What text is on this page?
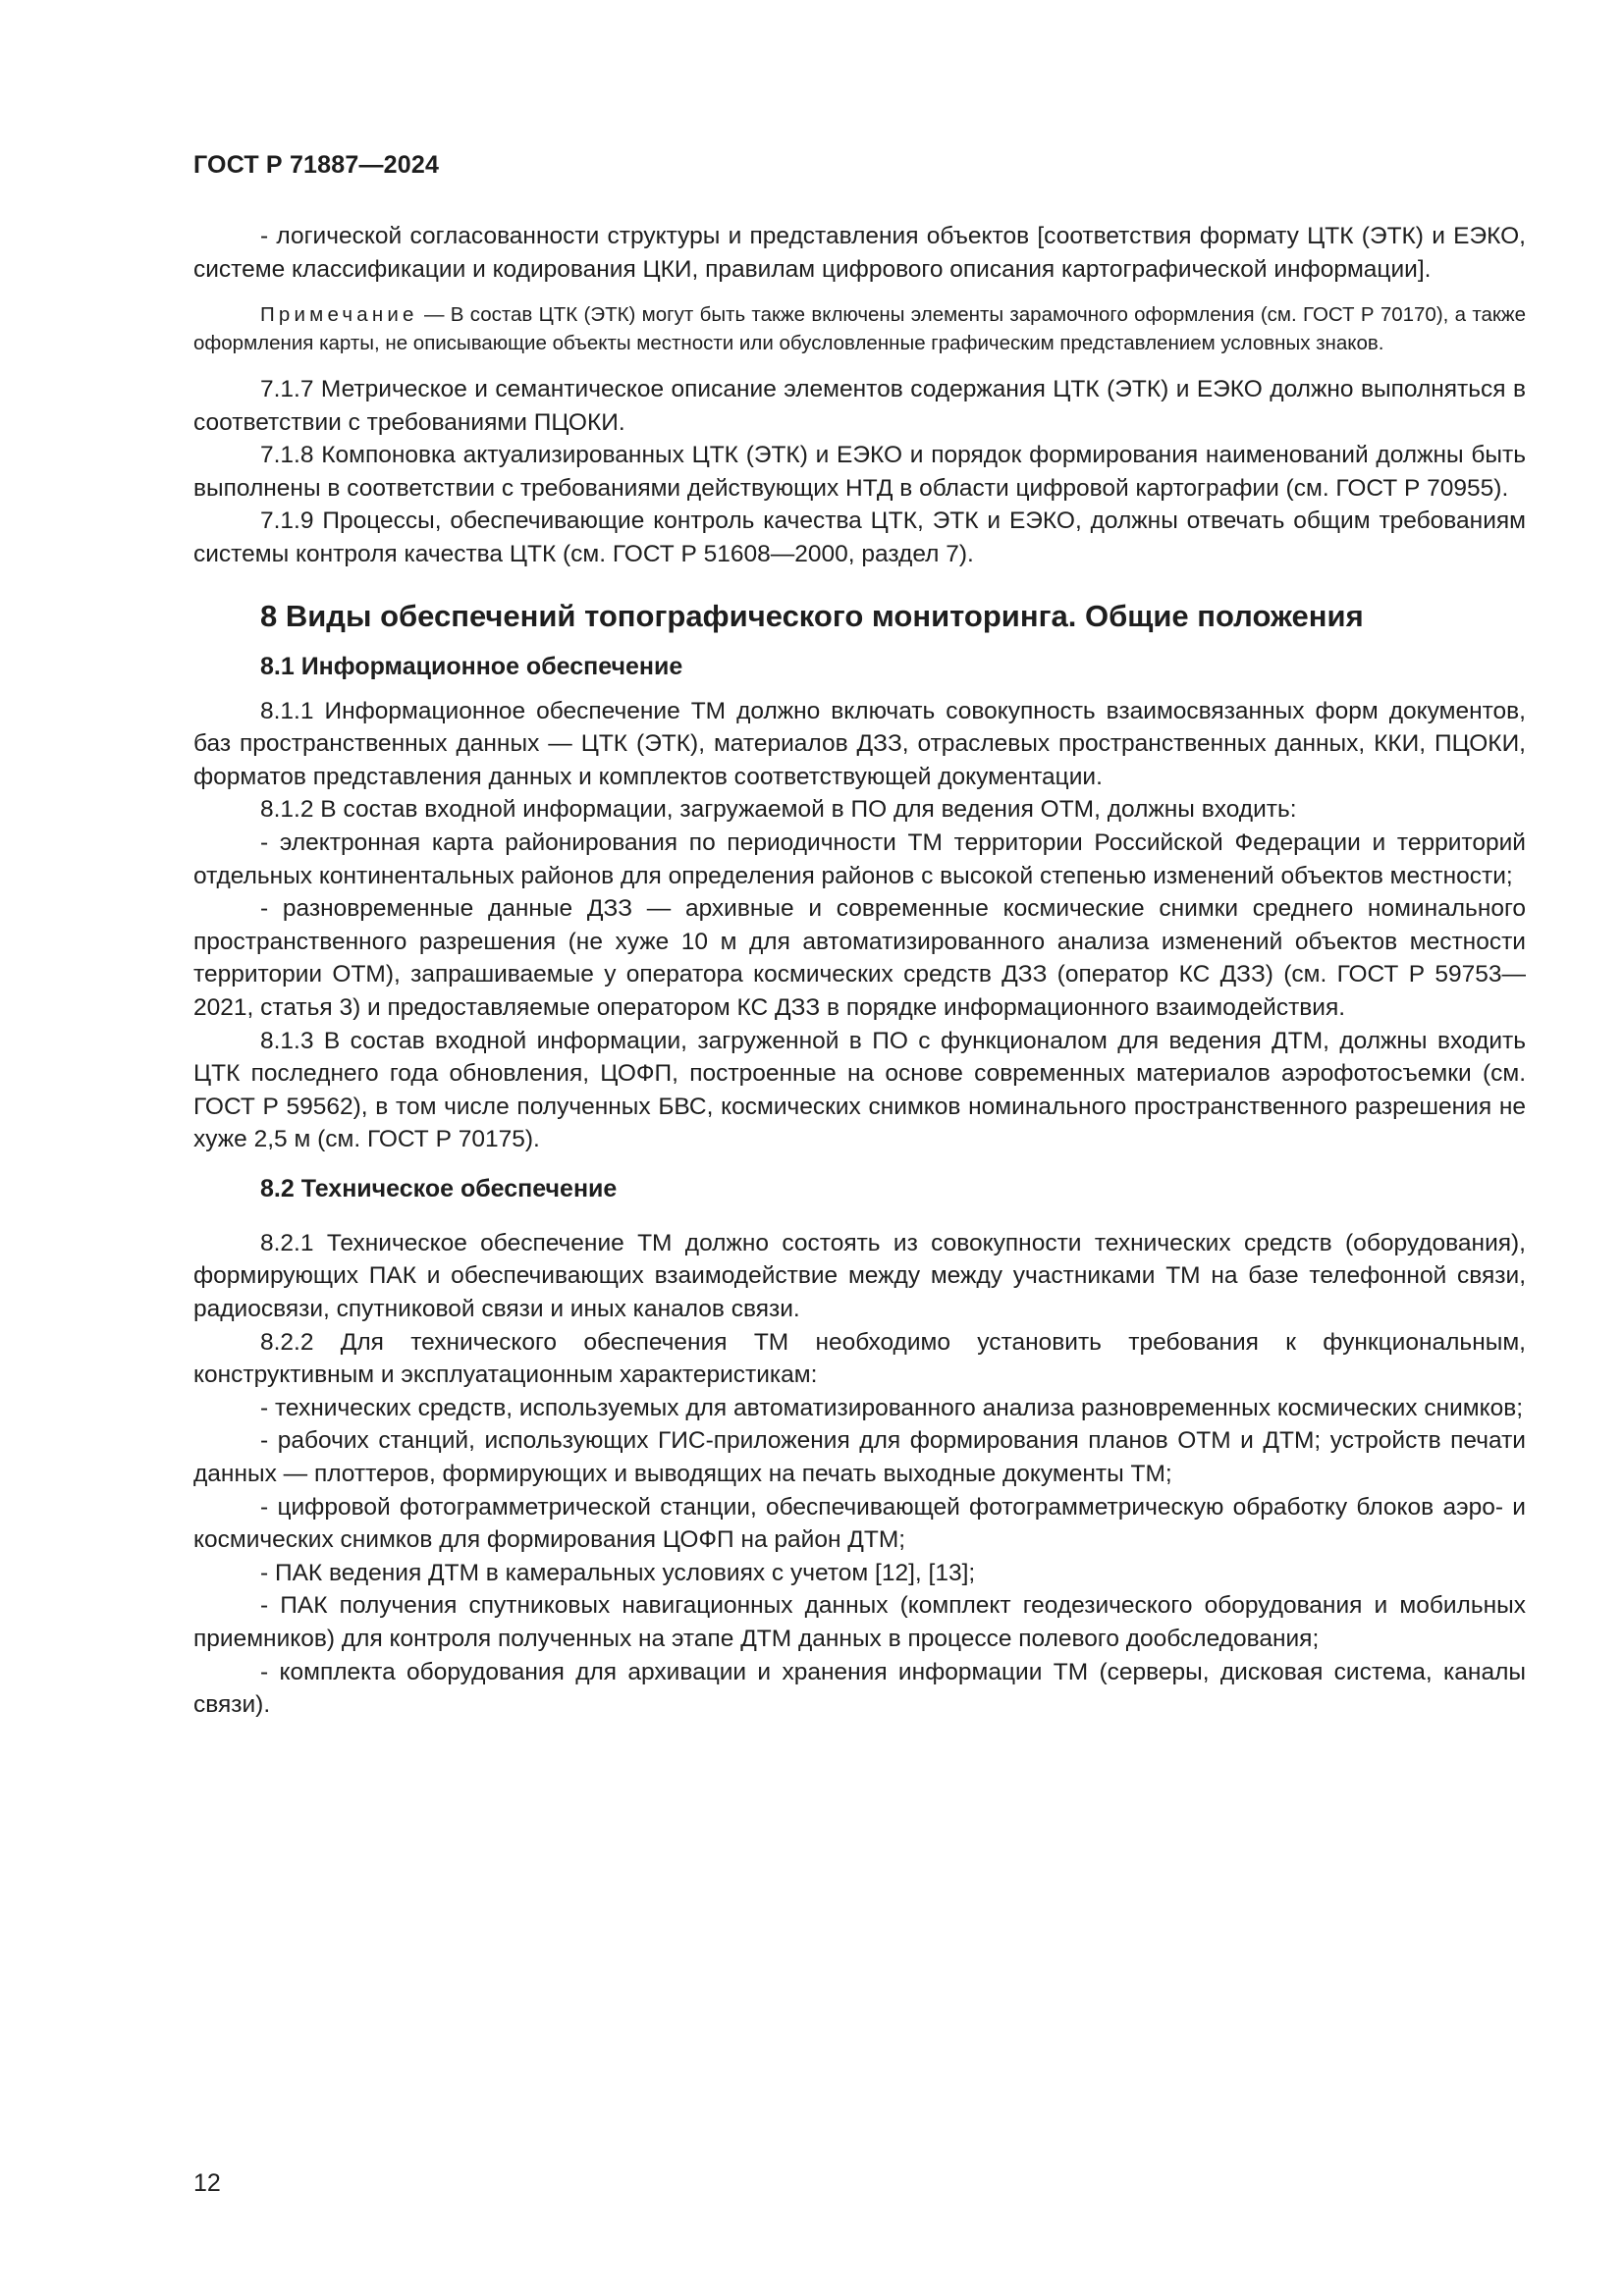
ГОСТ Р 71887—2024

- логической согласованности структуры и представления объектов [соответствия формату ЦТК (ЭТК) и ЕЭКО, системе классификации и кодирования ЦКИ, правилам цифрового описания картографической информации].

Примечание — В состав ЦТК (ЭТК) могут быть также включены элементы зарамочного оформления (см. ГОСТ Р 70170), а также оформления карты, не описывающие объекты местности или обусловленные графическим представлением условных знаков.

7.1.7 Метрическое и семантическое описание элементов содержания ЦТК (ЭТК) и ЕЭКО должно выполняться в соответствии с требованиями ПЦОКИ.

7.1.8 Компоновка актуализированных ЦТК (ЭТК) и ЕЭКО и порядок формирования наименований должны быть выполнены в соответствии с требованиями действующих НТД в области цифровой картографии (см. ГОСТ Р 70955).

7.1.9 Процессы, обеспечивающие контроль качества ЦТК, ЭТК и ЕЭКО, должны отвечать общим требованиям системы контроля качества ЦТК (см. ГОСТ Р 51608—2000, раздел 7).

8 Виды обеспечений топографического мониторинга. Общие положения
8.1 Информационное обеспечение

8.1.1 Информационное обеспечение ТМ должно включать совокупность взаимосвязанных форм документов, баз пространственных данных — ЦТК (ЭТК), материалов ДЗЗ, отраслевых пространственных данных, ККИ, ПЦОКИ, форматов представления данных и комплектов соответствующей документации.

8.1.2 В состав входной информации, загружаемой в ПО для ведения ОТМ, должны входить:

- электронная карта районирования по периодичности ТМ территории Российской Федерации и территорий отдельных континентальных районов для определения районов с высокой степенью изменений объектов местности;

- разновременные данные ДЗЗ — архивные и современные космические снимки среднего номинального пространственного разрешения (не хуже 10 м для автоматизированного анализа изменений объектов местности территории ОТМ), запрашиваемые у оператора космических средств ДЗЗ (оператор КС ДЗЗ) (см. ГОСТ Р 59753—2021, статья 3) и предоставляемые оператором КС ДЗЗ в порядке информационного взаимодействия.

8.1.3 В состав входной информации, загруженной в ПО с функционалом для ведения ДТМ, должны входить ЦТК последнего года обновления, ЦОФП, построенные на основе современных материалов аэрофотосъемки (см. ГОСТ Р 59562), в том числе полученных БВС, космических снимков номинального пространственного разрешения не хуже 2,5 м (см. ГОСТ Р 70175).

8.2 Техническое обеспечение

8.2.1 Техническое обеспечение ТМ должно состоять из совокупности технических средств (оборудования), формирующих ПАК и обеспечивающих взаимодействие между между участниками ТМ на базе телефонной связи, радиосвязи, спутниковой связи и иных каналов связи.

8.2.2 Для технического обеспечения ТМ необходимо установить требования к функциональным, конструктивным и эксплуатационным характеристикам:

- технических средств, используемых для автоматизированного анализа разновременных космических снимков;

- рабочих станций, использующих ГИС-приложения для формирования планов ОТМ и ДТМ; устройств печати данных — плоттеров, формирующих и выводящих на печать выходные документы ТМ;

- цифровой фотограмметрической станции, обеспечивающей фотограмметрическую обработку блоков аэро- и космических снимков для формирования ЦОФП на район ДТМ;

- ПАК ведения ДТМ в камеральных условиях с учетом [12], [13];

- ПАК получения спутниковых навигационных данных (комплект геодезического оборудования и мобильных приемников) для контроля полученных на этапе ДТМ данных в процессе полевого дообследования;

- комплекта оборудования для архивации и хранения информации ТМ (серверы, дисковая система, каналы связи).

12
